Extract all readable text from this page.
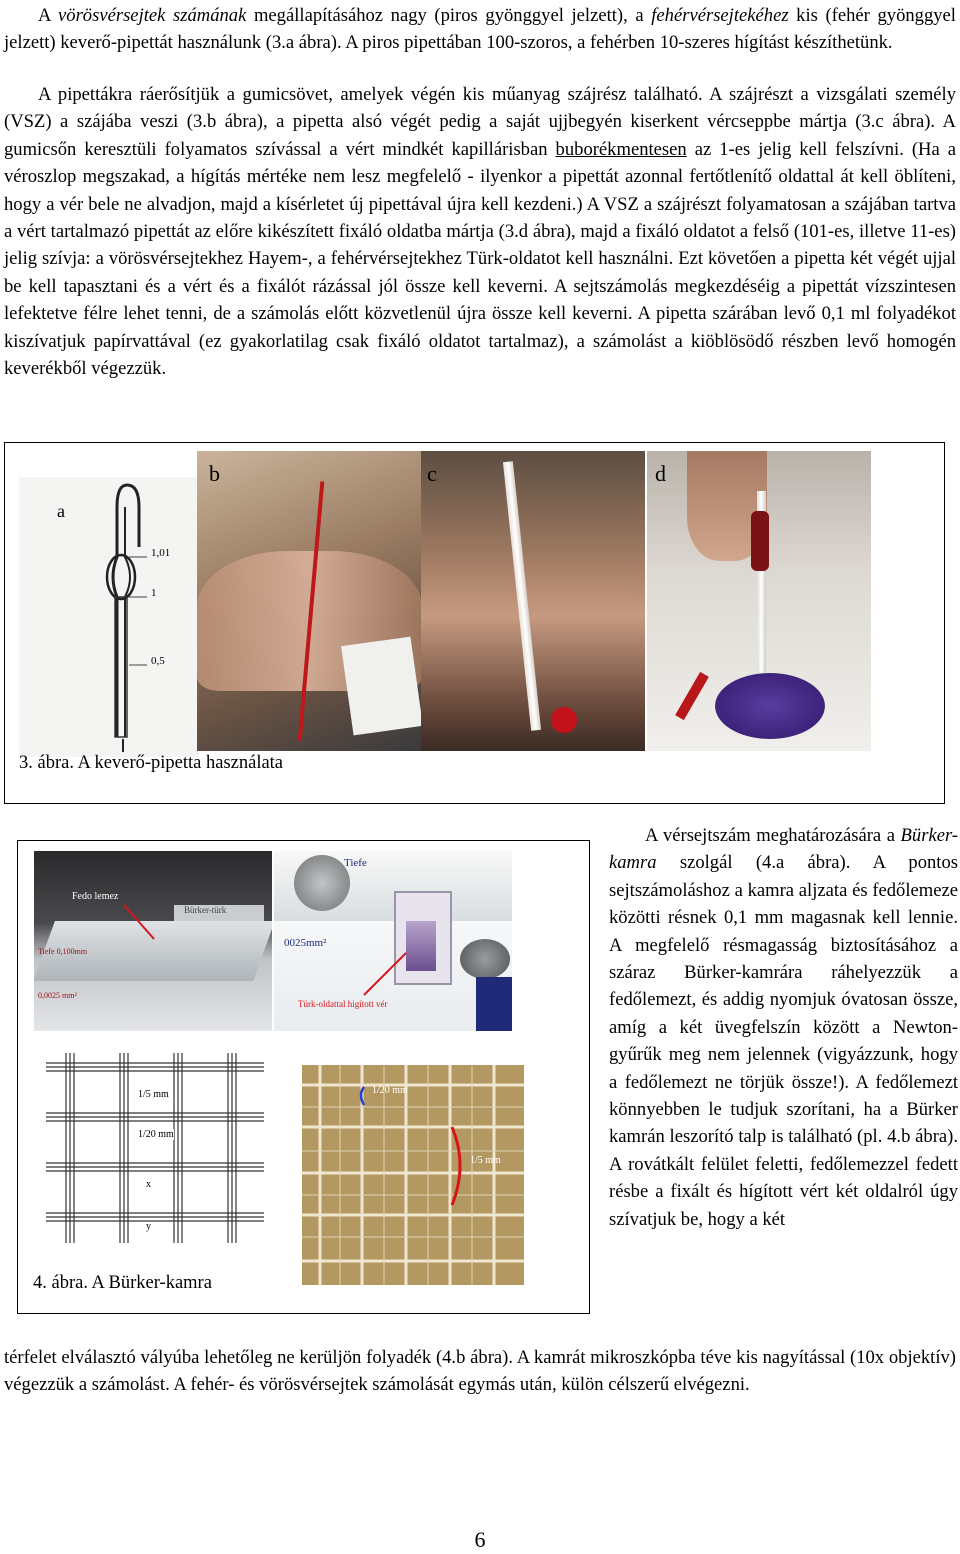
A vörösvérsejtek számának megállapításához nagy (piros gyönggyel jelzett), a fehérvérsejtekéhez kis (fehér gyönggyel jelzett) keverő-pipettát használunk (3.a ábra). A piros pipettában 100-szoros, a fehérben 10-szeres hígítást készíthetünk.

A pipettákra ráerősítjük a gumicsövet, amelyek végén kis műanyag szájrész található. A szájrészt a vizsgálati személy (VSZ) a szájába veszi (3.b ábra), a pipetta alsó végét pedig a saját ujjbegyén kiserkent vércseppbe mártja (3.c ábra). A gumicsőn keresztüli folyamatos szívással a vért mindkét kapillárisban buborékmentesen az 1-es jelig kell felszívni. (Ha a véroszlop megszakad, a hígítás mértéke nem lesz megfelelő - ilyenkor a pipettát azonnal fertőtlenítő oldattal át kell öblíteni, hogy a vér bele ne alvadjon, majd a kísérletet új pipettával újra kell kezdeni.) A VSZ a szájrészt folyamatosan a szájában tartva a vért tartalmazó pipettát az előre kikészített fixáló oldatba mártja (3.d ábra), majd a fixáló oldatot a felső (101-es, illetve 11-es) jelig szívja: a vörösvérsejtekhez Hayem-, a fehérvérsejtekhez Türk-oldatot kell használni. Ezt követően a pipetta két végét ujjal be kell tapasztani és a vért és a fixálót rázással jól össze kell keverni. A sejtszámolás megkezdéséig a pipettát vízszintesen lefektetve félre lehet tenni, de a számolás előtt közvetlenül újra össze kell keverni. A pipetta szárában levő 0,1 ml folyadékot kiszívatjuk papírvattával (ez gyakorlatilag csak fixáló oldatot tartalmaz), a számolást a kiöblösödő részben levő homogén keverékből végezzük.

a
1,01
1
0,5
b	c	d
3. ábra. A keverő-pipetta használata
Bürker-türk
Tiefe 0,100mm
0,0025 mm²
Fedo lemez
Tiefe
0025mm²
Türk-oldattal higított vér
1/5 mm
1/20 mm
x
y
1/20 mm
1/5 mm
4. ábra. A Bürker-kamra

A vérsejtszám meghatározására a Bürker-kamra szolgál (4.a ábra). A pontos sejtszámoláshoz a kamra aljzata és fedőlemeze közötti résnek 0,1 mm magasnak kell lennie. A megfelelő résmagasság biztosításához a száraz Bürker-kamrára ráhelyezzük a fedőlemezt, és addig nyomjuk óvatosan össze, amíg a két üvegfelszín között a Newton-gyűrűk meg nem jelennek (vigyázzunk, hogy a fedőlemezt ne törjük össze!). A fedőlemezt könnyebben le tudjuk szorítani, ha a Bürker kamrán leszorító talp is található (pl. 4.b ábra). A rovátkált felület feletti, fedőlemezzel fedett résbe a fixált és hígított vért két oldalról úgy szívatjuk be, hogy a két

térfelet elválasztó vályúba lehetőleg ne kerüljön folyadék (4.b ábra). A kamrát mikroszkópba téve kis nagyítással (10x objektív) végezzük a számolást. A fehér- és vörösvérsejtek számolását egymás után, külön célszerű elvégezni.

6
